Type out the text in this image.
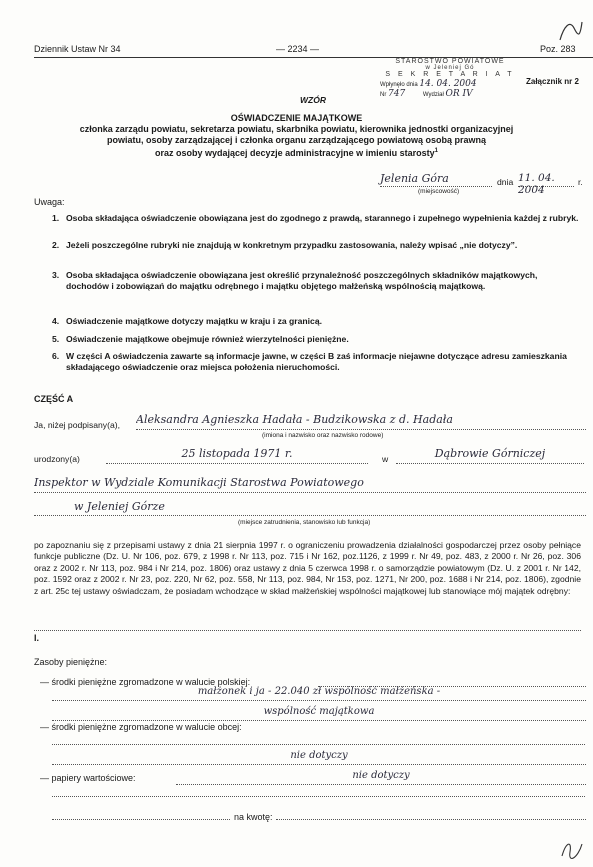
Dziennik Ustaw Nr 34	— 2234 —	Poz. 283
STAROSTWO POWIATOWE
w Jeleniej Gó
S E K R E T A R I A T
Wpłynęło dnia 14. 04. 2004
Nr 747	Wydział OR IV
Załącznik nr 2
WZÓR
OŚWIADCZENIE MAJĄTKOWE
członka zarządu powiatu, sekretarza powiatu, skarbnika powiatu, kierownika jednostki organizacyjnej
powiatu, osoby zarządzającej i członka organu zarządzającego powiatową osobą prawną
oraz osoby wydającej decyzje administracyjne w imieniu starosty$^1$
Jelenia Góra
(miejscowość)
dnia 11. 04. 2004
r.
Uwaga:
1. Osoba składająca oświadczenie obowiązana jest do zgodnego z prawdą, starannego i zupełnego wypełnienia każdej z rubryk.
2. Jeżeli poszczególne rubryki nie znajdują w konkretnym przypadku zastosowania, należy wpisać „nie dotyczy”.
3. Osoba składająca oświadczenie obowiązana jest określić przynależność poszczególnych składników majątkowych, dochodów i zobowiązań do majątku odrębnego i majątku objętego małżeńską wspólnością majątkową.
4. Oświadczenie majątkowe dotyczy majątku w kraju i za granicą.
5. Oświadczenie majątkowe obejmuje również wierzytelności pieniężne.
6. W części A oświadczenia zawarte są informacje jawne, w części B zaś informacje niejawne dotyczące adresu zamieszkania składającego oświadczenie oraz miejsca położenia nieruchomości.
CZĘŚĆ A
Ja, niżej podpisany(a), Aleksandra Agnieszka Hadała - Budzikowska z d. Hadała
(imiona i nazwisko oraz nazwisko rodowe)
urodzony(a)	25 listopada 1971 r.	w	Dąbrowie Górniczej
Inspektor w Wydziale Komunikacji Starostwa Powiatowego
w Jeleniej Górze
(miejsce zatrudnienia, stanowisko lub funkcja)
po zapoznaniu się z przepisami ustawy z dnia 21 sierpnia 1997 r. o ograniczeniu prowadzenia działalności gospodarczej przez osoby pełniące funkcje publiczne (Dz. U. Nr 106, poz. 679, z 1998 r. Nr 113, poz. 715 i Nr 162, poz.1126, z 1999 r. Nr 49, poz. 483, z 2000 r. Nr 26, poz. 306 oraz z 2002 r. Nr 113, poz. 984 i Nr 214, poz. 1806) oraz ustawy z dnia 5 czerwca 1998 r. o samorządzie powiatowym (Dz. U. z 2001 r. Nr 142, poz. 1592 oraz z 2002 r. Nr 23, poz. 220, Nr 62, poz. 558, Nr 113, poz. 984, Nr 153, poz. 1271, Nr 200, poz. 1688 i Nr 214, poz. 1806), zgodnie z art. 25c tej ustawy oświadczam, że posiadam wchodzące w skład małżeńskiej wspólności majątkowej lub stanowiące mój majątek odrębny:
I.
Zasoby pieniężne:
— środki pieniężne zgromadzone w walucie polskiej:
małżonek i ja - 22.040 zł wspólność małżeńska -
wspólność majątkowa
— środki pieniężne zgromadzone w walucie obcej:
nie dotyczy
— papiery wartościowe:	nie dotyczy
na kwotę:
